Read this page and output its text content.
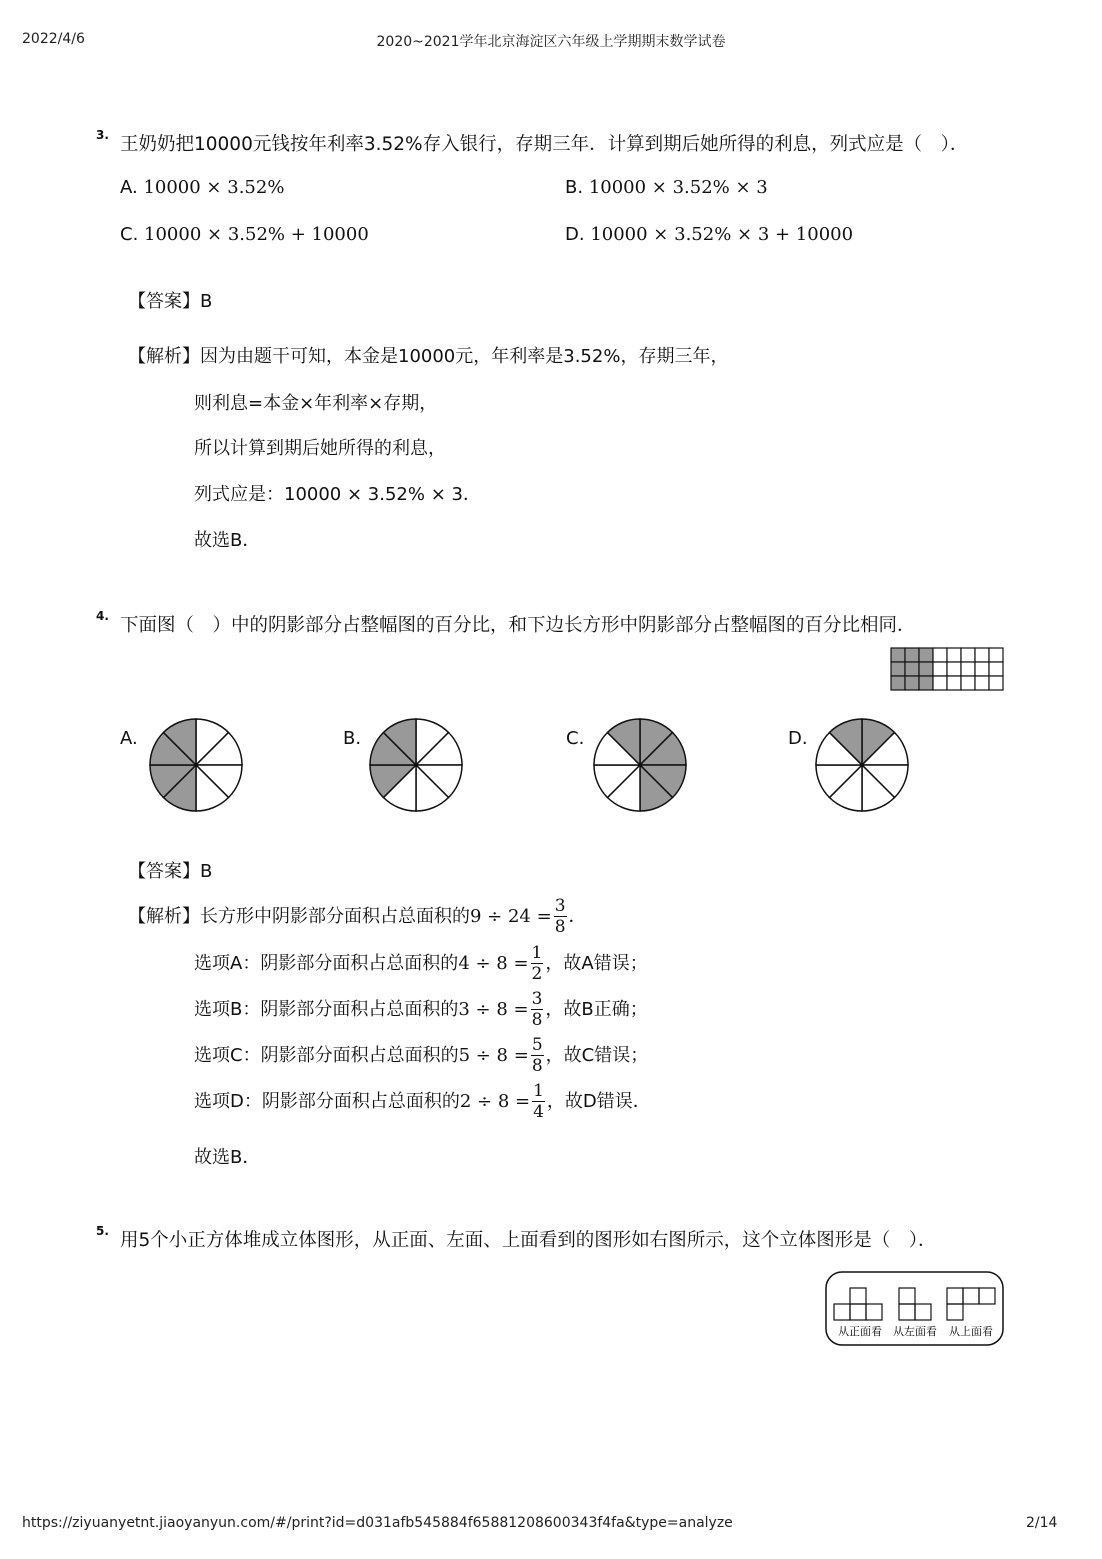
2022/4/6	2020~2021学年北京海淀区六年级上学期期末数学试卷
3. 王奶奶把10000元钱按年利率3.52%存入银行，存期三年．计算到期后她所得的利息，列式应是（　）．
A. 10000 × 3.52%	B. 10000 × 3.52% × 3
C. 10000 × 3.52% + 10000	D. 10000 × 3.52% × 3 + 10000
【答案】B
【解析】因为由题干可知，本金是10000元，年利率是3.52%，存期三年，
则利息=本金×年利率×存期，
所以计算到期后她所得的利息，
列式应是：10000 × 3.52% × 3．
故选B．
4. 下面图（　）中的阴影部分占整幅图的百分比，和下边长方形中阴影部分占整幅图的百分比相同．
A.	B.	C.	D.
【答案】B
【解析】长方形中阴影部分面积占总面积的$9 \div 24 = \frac{3}{8}$ ．
选项A：阴影部分面积占总面积的$4 \div 8 = \frac{1}{2}$ ，故A错误；
选项B：阴影部分面积占总面积的$3 \div 8 = \frac{3}{8}$ ，故B正确；
选项C：阴影部分面积占总面积的$5 \div 8 = \frac{5}{8}$ ，故C错误；
选项D：阴影部分面积占总面积的$2 \div 8 = \frac{1}{4}$ ，故D错误．
故选B．
5. 用5个小正方体堆成立体图形，从正面、左面、上面看到的图形如右图所示，这个立体图形是（　）．
从正面看 从左面看 从上面看
https://ziyuanyetnt.jiaoyanyun.com/#/print?id=d031afb545884f65881208600343f4fa&type=analyze	2/14
